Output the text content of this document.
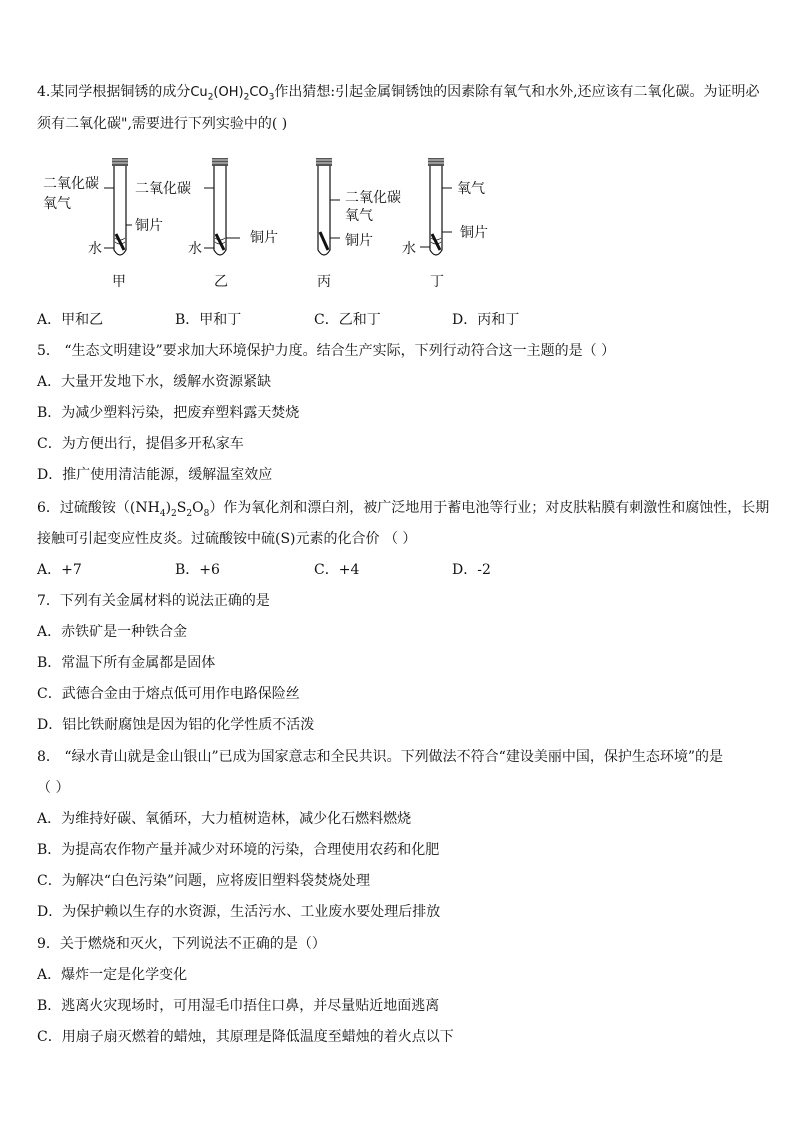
4.某同学根据铜锈的成分$Cu_2(OH)_2CO_3$作出猜想:引起金属铜锈蚀的因素除有氧气和水外,还应该有二氧化碳。为证明必
须有二氧化碳",需要进行下列实验中的( )
二氧化碳
氧气
铜片
水
甲
二氧化碳
铜片
水
乙
二氧化碳
氧气
铜片
丙
氧气
铜片
水
丁
A．甲和乙	B．甲和丁	C．乙和丁	D．丙和丁
5． “生态文明建设”要求加大环境保护力度。结合生产实际，下列行动符合这一主题的是（ ）
A．大量开发地下水，缓解水资源紧缺
B．为减少塑料污染，把废弃塑料露天焚烧
C．为方便出行，提倡多开私家车
D．推广使用清洁能源，缓解温室效应
6．过硫酸铵$((NH_4)_2S_2O_8)$作为氧化剂和漂白剂，被广泛地用于蓄电池等行业；对皮肤粘膜有刺激性和腐蚀性，长期
接触可引起变应性皮炎。过硫酸铵中硫(S)元素的化合价 （ ）
A．+7	B．+6	C．+4	D．-2
7．下列有关金属材料的说法正确的是
A．赤铁矿是一种铁合金
B．常温下所有金属都是固体
C．武德合金由于熔点低可用作电路保险丝
D．铝比铁耐腐蚀是因为铝的化学性质不活泼
8． “绿水青山就是金山银山”已成为国家意志和全民共识。下列做法不符合“建设美丽中国，保护生态环境”的是
（ ）
A．为维持好碳、氧循环，大力植树造林，减少化石燃料燃烧
B．为提高农作物产量并减少对环境的污染，合理使用农药和化肥
C．为解决“白色污染”问题，应将废旧塑料袋焚烧处理
D．为保护赖以生存的水资源，生活污水、工业废水要处理后排放
9．关于燃烧和灭火，下列说法不正确的是（）
A．爆炸一定是化学变化
B．逃离火灾现场时，可用湿毛巾捂住口鼻，并尽量贴近地面逃离
C．用扇子扇灭燃着的蜡烛，其原理是降低温度至蜡烛的着火点以下
